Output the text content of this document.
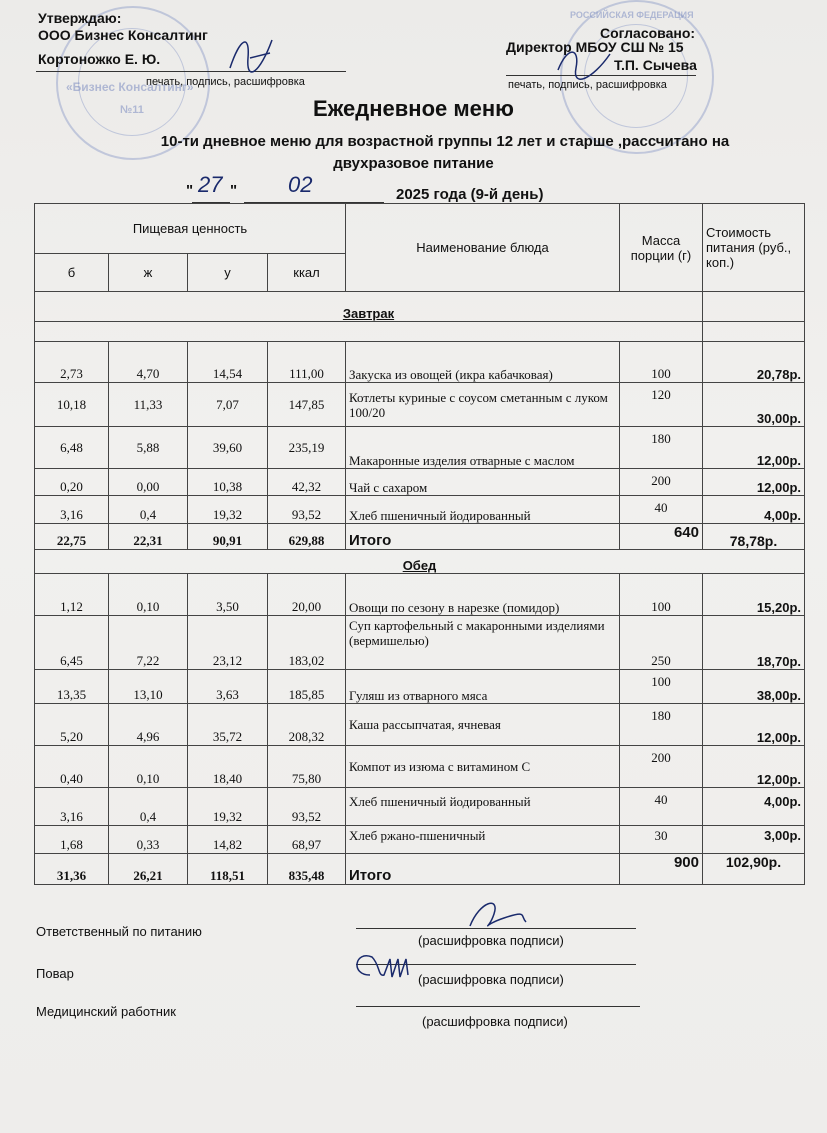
«Бизнес Консалтинг»
№11
РОССИЙСКАЯ ФЕДЕРАЦИЯ
Утверждаю:
ООО Бизнес Консалтинг
Кортоножко Е. Ю.
печать, подпись, расшифровка
Согласовано:
Директор МБОУ СШ № 15
Т.П. Сычева
печать, подпись, расшифровка
Ежедневное меню
10-ти дневное меню для возрастной группы 12 лет и старше ,рассчитано на
двухразовое питание
" 27 " 02	2025 года (9-й день)
Пищевая ценность				Наименование блюда	Масса порции (г)	Стоимость питания (руб., коп.)
б	ж	у	ккал			
Завтрак						

2,73	4,70	14,54	111,00	Закуска из овощей (икра кабачковая)	100	20,78р.
10,18	11,33	7,07	147,85	Котлеты куриные с соусом сметанным с луком 100/20	120	30,00р.
6,48	5,88	39,60	235,19	Макаронные изделия отварные с маслом	180	12,00р.
0,20	0,00	10,38	42,32	Чай с сахаром	200	12,00р.
3,16	0,4	19,32	93,52	Хлеб пшеничный йодированный	40	4,00р.
22,75	22,31	90,91	629,88	Итого	640	78,78р.
Обед						
1,12	0,10	3,50	20,00	Овощи по сезону в нарезке (помидор)	100	15,20р.
6,45	7,22	23,12	183,02	Суп картофельный с макаронными изделиями (вермишелью)	250	18,70р.
13,35	13,10	3,63	185,85	Гуляш из отварного мяса	100	38,00р.
5,20	4,96	35,72	208,32	Каша рассыпчатая, ячневая	180	12,00р.
0,40	0,10	18,40	75,80	Компот из изюма с витамином С	200	12,00р.
3,16	0,4	19,32	93,52	Хлеб пшеничный йодированный	40	4,00р.
1,68	0,33	14,82	68,97	Хлеб ржано-пшеничный	30	3,00р.
31,36	26,21	118,51	835,48	Итого	900	102,90р.
Ответственный по питанию
(расшифровка подписи)
Повар	(расшифровка подписи)
Медицинский работник
(расшифровка подписи)
